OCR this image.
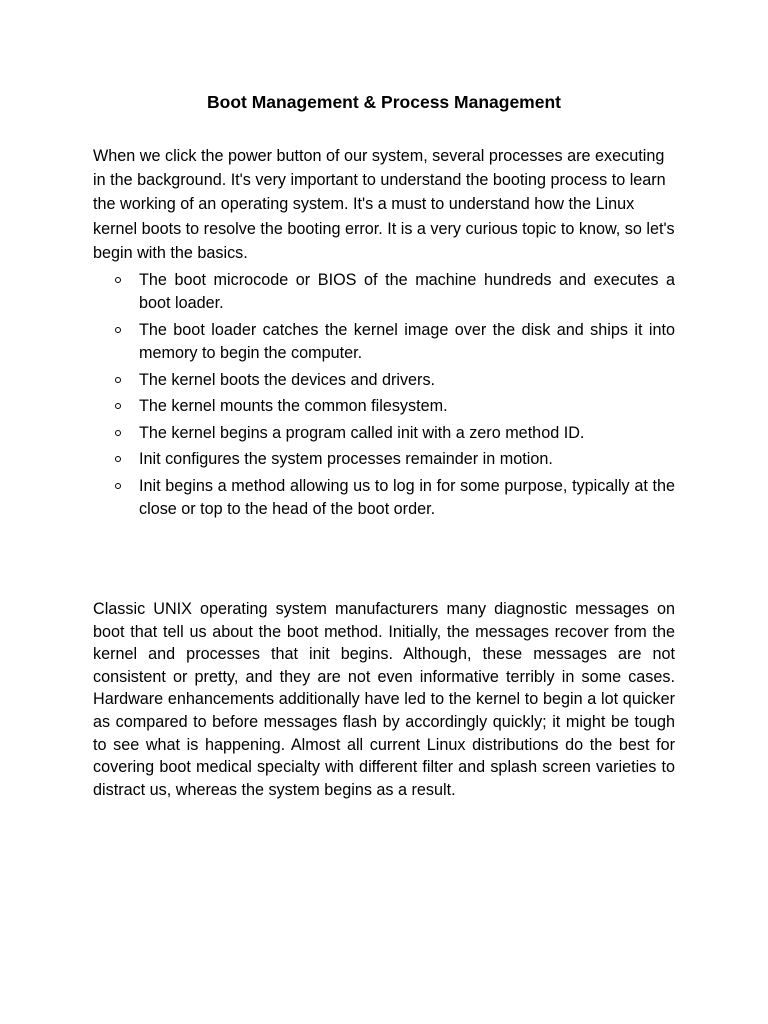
Boot Management & Process Management

When we click the power button of our system, several processes are executing in the background. It's very important to understand the booting process to learn the working of an operating system. It's a must to understand how the Linux kernel boots to resolve the booting error. It is a very curious topic to know, so let's begin with the basics.

The boot microcode or BIOS of the machine hundreds and executes a boot loader.
The boot loader catches the kernel image over the disk and ships it into memory to begin the computer.
The kernel boots the devices and drivers.
The kernel mounts the common filesystem.
The kernel begins a program called init with a zero method ID.
Init configures the system processes remainder in motion.
Init begins a method allowing us to log in for some purpose, typically at the close or top to the head of the boot order.

Classic UNIX operating system manufacturers many diagnostic messages on boot that tell us about the boot method. Initially, the messages recover from the kernel and processes that init begins. Although, these messages are not consistent or pretty, and they are not even informative terribly in some cases. Hardware enhancements additionally have led to the kernel to begin a lot quicker as compared to before messages flash by accordingly quickly; it might be tough to see what is happening. Almost all current Linux distributions do the best for covering boot medical specialty with different filter and splash screen varieties to distract us, whereas the system begins as a result.
